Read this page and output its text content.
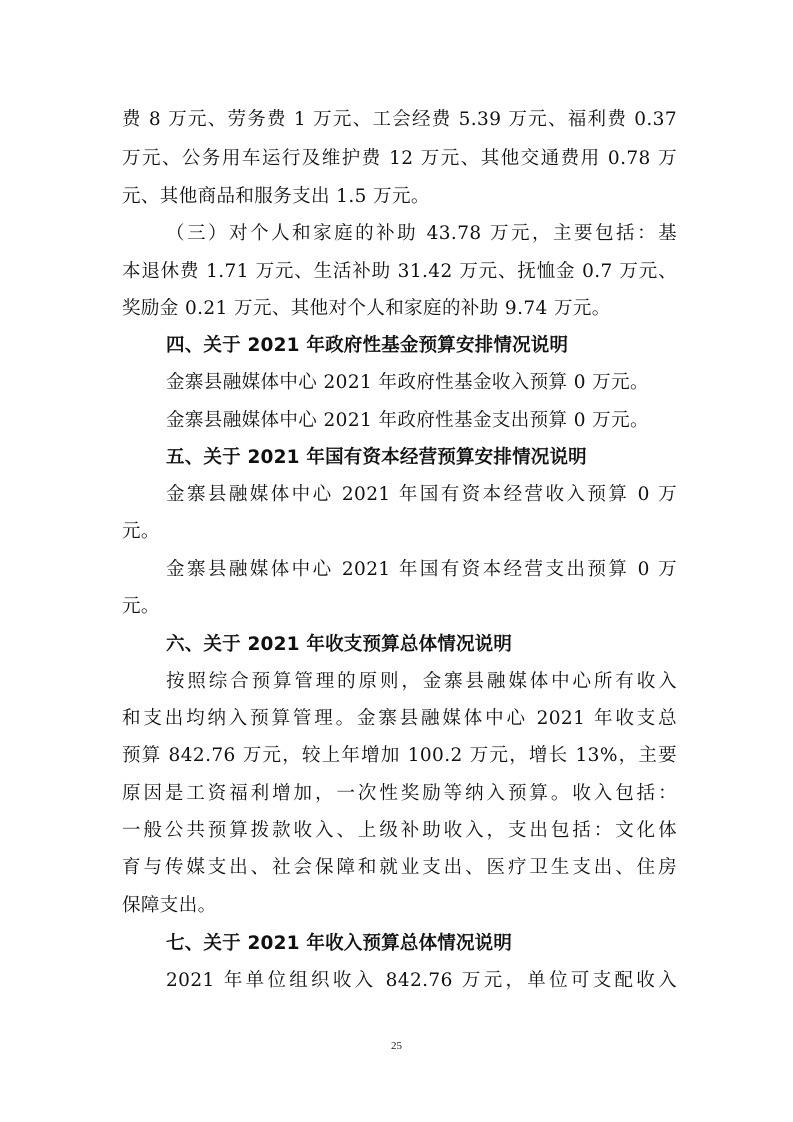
费 8 万元、劳务费 1 万元、工会经费 5.39 万元、福利费 0.37
万元、公务用车运行及维护费 12 万元、其他交通费用 0.78 万
元、其他商品和服务支出 1.5 万元。
（三）对个人和家庭的补助 43.78 万元，主要包括：基
本退休费 1.71 万元、生活补助 31.42 万元、抚恤金 0.7 万元、
奖励金 0.21 万元、其他对个人和家庭的补助 9.74 万元。
四、关于 2021 年政府性基金预算安排情况说明
金寨县融媒体中心 2021 年政府性基金收入预算 0 万元。
金寨县融媒体中心 2021 年政府性基金支出预算 0 万元。
五、关于 2021 年国有资本经营预算安排情况说明
金寨县融媒体中心 2021 年国有资本经营收入预算 0 万
元。
金寨县融媒体中心 2021 年国有资本经营支出预算 0 万
元。
六、关于 2021 年收支预算总体情况说明
按照综合预算管理的原则，金寨县融媒体中心所有收入
和支出均纳入预算管理。金寨县融媒体中心 2021 年收支总
预算 842.76 万元，较上年增加 100.2 万元，增长 13%，主要
原因是工资福利增加，一次性奖励等纳入预算。收入包括：
一般公共预算拨款收入、上级补助收入，支出包括：文化体
育与传媒支出、社会保障和就业支出、医疗卫生支出、住房
保障支出。
七、关于 2021 年收入预算总体情况说明
2021 年单位组织收入 842.76 万元，单位可支配收入
25
